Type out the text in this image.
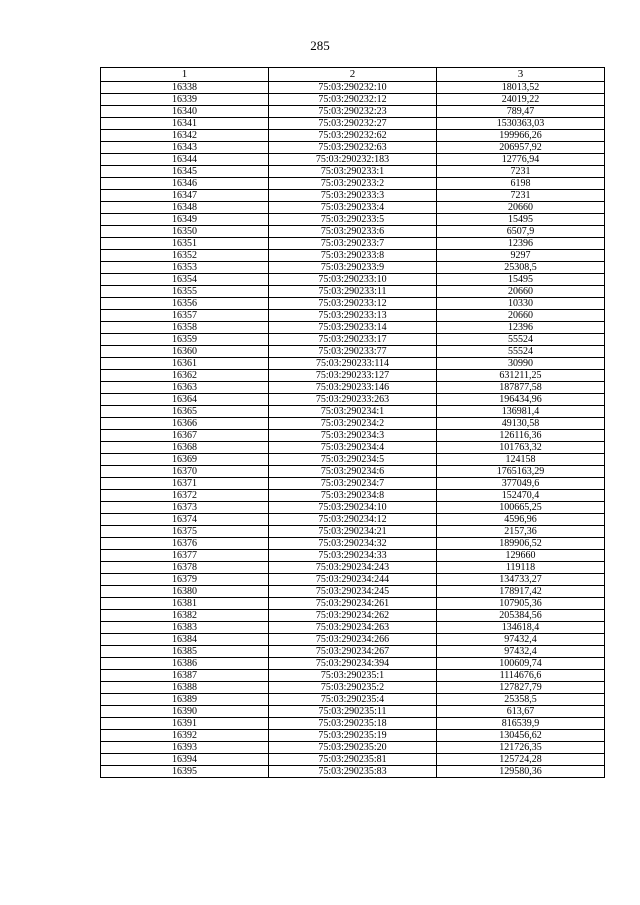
285
1	2	3
16338	75:03:290232:10	18013,52
16339	75:03:290232:12	24019,22
16340	75:03:290232:23	789,47
16341	75:03:290232:27	1530363,03
16342	75:03:290232:62	199966,26
16343	75:03:290232:63	206957,92
16344	75:03:290232:183	12776,94
16345	75:03:290233:1	7231
16346	75:03:290233:2	6198
16347	75:03:290233:3	7231
16348	75:03:290233:4	20660
16349	75:03:290233:5	15495
16350	75:03:290233:6	6507,9
16351	75:03:290233:7	12396
16352	75:03:290233:8	9297
16353	75:03:290233:9	25308,5
16354	75:03:290233:10	15495
16355	75:03:290233:11	20660
16356	75:03:290233:12	10330
16357	75:03:290233:13	20660
16358	75:03:290233:14	12396
16359	75:03:290233:17	55524
16360	75:03:290233:77	55524
16361	75:03:290233:114	30990
16362	75:03:290233:127	631211,25
16363	75:03:290233:146	187877,58
16364	75:03:290233:263	196434,96
16365	75:03:290234:1	136981,4
16366	75:03:290234:2	49130,58
16367	75:03:290234:3	126116,36
16368	75:03:290234:4	101763,32
16369	75:03:290234:5	124158
16370	75:03:290234:6	1765163,29
16371	75:03:290234:7	377049,6
16372	75:03:290234:8	152470,4
16373	75:03:290234:10	100665,25
16374	75:03:290234:12	4596,96
16375	75:03:290234:21	2157,36
16376	75:03:290234:32	189906,52
16377	75:03:290234:33	129660
16378	75:03:290234:243	119118
16379	75:03:290234:244	134733,27
16380	75:03:290234:245	178917,42
16381	75:03:290234:261	107905,36
16382	75:03:290234:262	205384,56
16383	75:03:290234:263	134618,4
16384	75:03:290234:266	97432,4
16385	75:03:290234:267	97432,4
16386	75:03:290234:394	100609,74
16387	75:03:290235:1	1114676,6
16388	75:03:290235:2	127827,79
16389	75:03:290235:4	25358,5
16390	75:03:290235:11	613,67
16391	75:03:290235:18	816539,9
16392	75:03:290235:19	130456,62
16393	75:03:290235:20	121726,35
16394	75:03:290235:81	125724,28
16395	75:03:290235:83	129580,36
